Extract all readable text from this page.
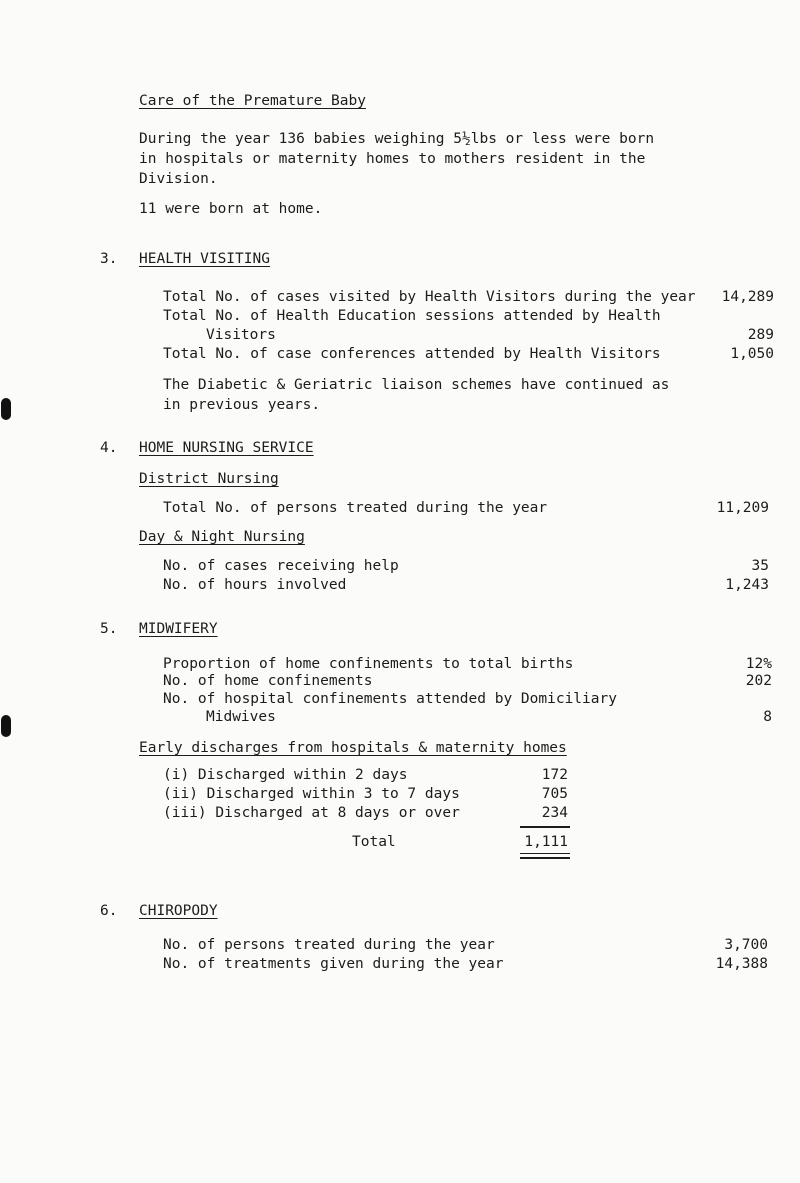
Care of the Premature Baby
During the year 136 babies weighing 5½lbs or less were born
in hospitals or maternity homes to mothers resident in the
Division.
11 were born at home.
3. HEALTH VISITING
Total No. of cases visited by Health Visitors during the year 14,289
Total No. of Health Education sessions attended by Health
Visitors	289
Total No. of case conferences attended by Health Visitors	1,050
The Diabetic & Geriatric liaison schemes have continued as
in previous years.
4. HOME NURSING SERVICE
District Nursing
Total No. of persons treated during the year	11,209
Day & Night Nursing
No. of cases receiving help	35
No. of hours involved	1,243
5. MIDWIFERY
Proportion of home confinements to total births	12%
No. of home confinements	202
No. of hospital confinements attended by Domiciliary
Midwives	8
Early discharges from hospitals & maternity homes
(i) Discharged within 2 days	172
(ii) Discharged within 3 to 7 days	705
(iii) Discharged at 8 days or over	234
Total	1,111
6. CHIROPODY
No. of persons treated during the year	3,700
No. of treatments given during the year	14,388
